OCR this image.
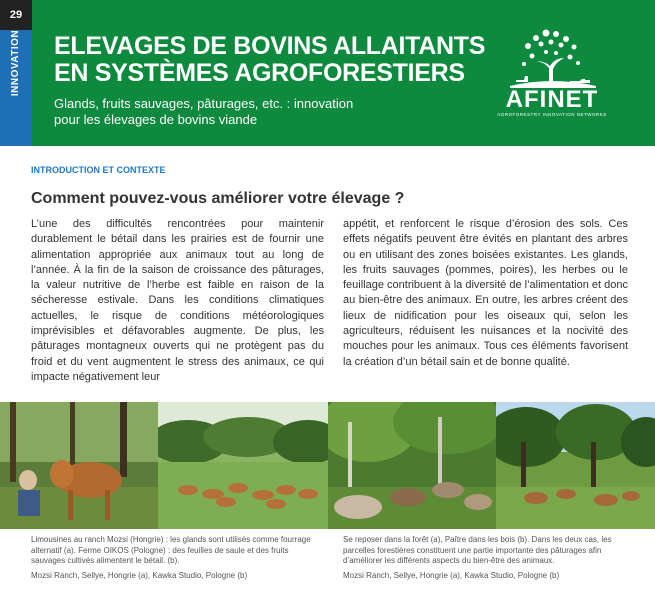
29
INNOVATION	ELEVAGES DE BOVINS ALLAITANTS
EN SYSTÈMES AGROFORESTIERS
Glands, fruits sauvages, pâturages, etc. : innovation
pour les élevages de bovins viande
AFINET
AGROFORESTRY INNOVATION NETWORKS
INTRODUCTION ET CONTEXTE
Comment pouvez-vous améliorer votre élevage ?
L’une des difficultés rencontrées pour maintenir durablement le bétail dans les prairies est de fournir une alimentation appropriée aux animaux tout au long de l’année. À la fin de la saison de croissance des pâturages, la valeur nutritive de l’herbe est faible en raison de la sécheresse estivale. Dans les conditions climatiques actuelles, le risque de conditions météorologiques imprévisibles et défavorables augmente. De plus, les pâturages montagneux ouverts qui ne protègent pas du froid et du vent augmentent le stress des animaux, ce qui impacte négativement leur
appétit, et renforcent le risque d’érosion des sols. Ces effets négatifs peuvent être évités en plantant des arbres ou en utilisant des zones boisées existantes. Les glands, les fruits sauvages (pommes, poires), les herbes ou le feuillage contribuent à la diversité de l’alimentation et donc au bien-être des animaux. En outre, les arbres créent des lieux de nidification pour les oiseaux qui, selon les agriculteurs, réduisent les nuisances et la nocivité des mouches pour les animaux. Tous ces éléments favorisent la création d’un bétail sain et de bonne qualité.
Limousines au ranch Mozsi (Hongrie) : les glands sont utilisés comme fourrage alternatif (a). Ferme OIKOS (Pologne) : des feuilles de saule et des fruits sauvages cultivés alimentent le bétail. (b).
Mozsi Ranch, Sellye, Hongrie (a), Kawka Studio, Pologne (b)
Se reposer dans la forêt (a), Paître dans les bois (b). Dans les deux cas, les parcelles forestières constituent une partie importante des pâturages afin d’améliorer les différents aspects du bien-être des animaux.
Mozsi Ranch, Sellye, Hongrie (a), Kawka Studio, Pologne (b)
